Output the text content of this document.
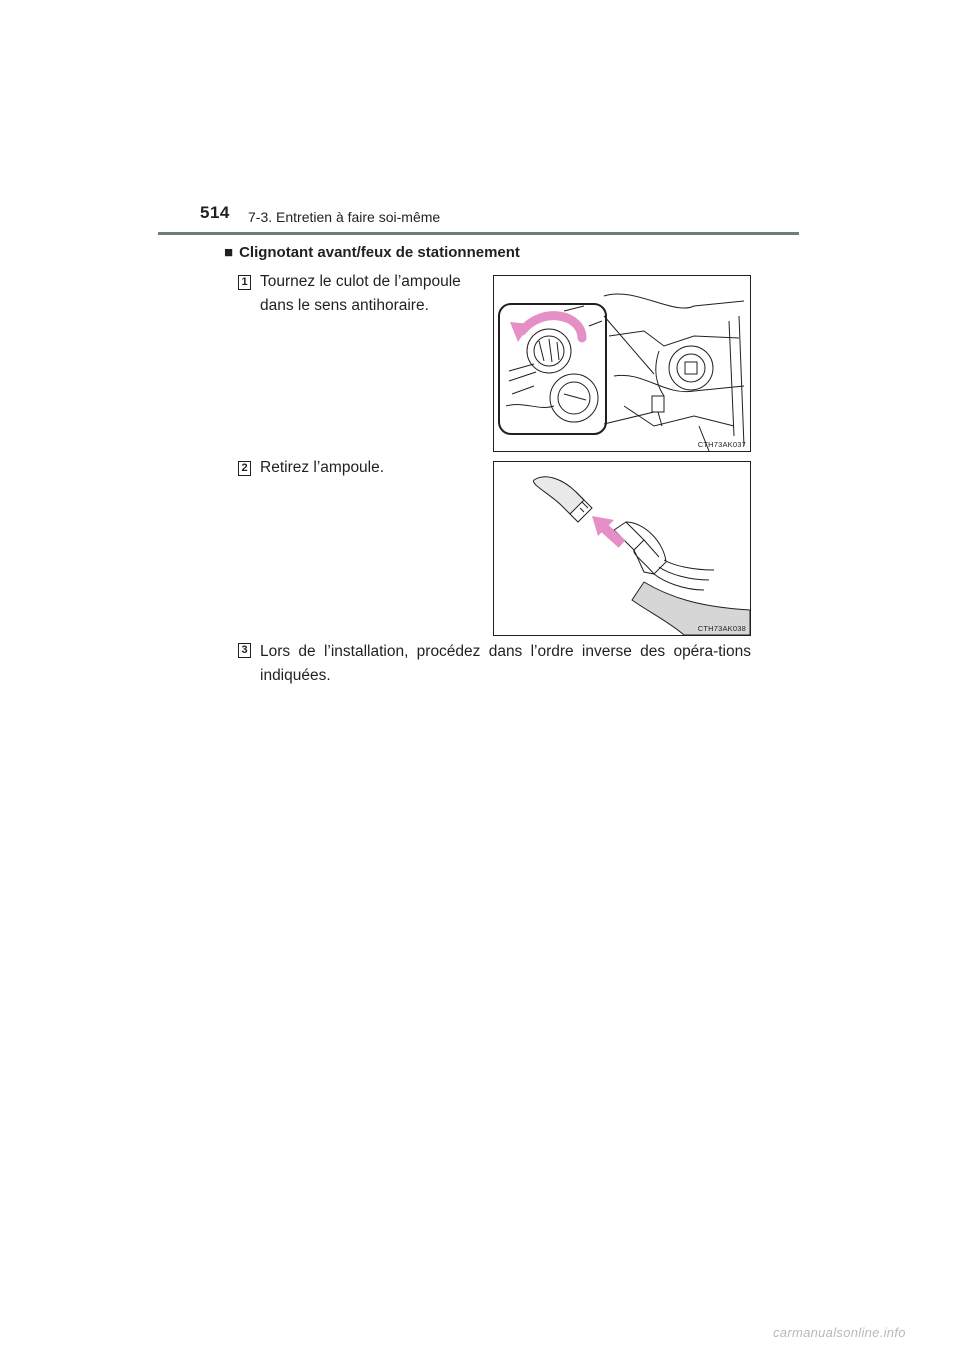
514 7-3. Entretien à faire soi-même
■ Clignotant avant/feux de stationnement
1 Tournez le culot de l’ampoule dans le sens antihoraire.
CTH73AK037
2 Retirez l’ampoule.
CTH73AK038
3 Lors de l’installation, procédez dans l’ordre inverse des opéra-tions indiquées.
carmanualsonline.info
